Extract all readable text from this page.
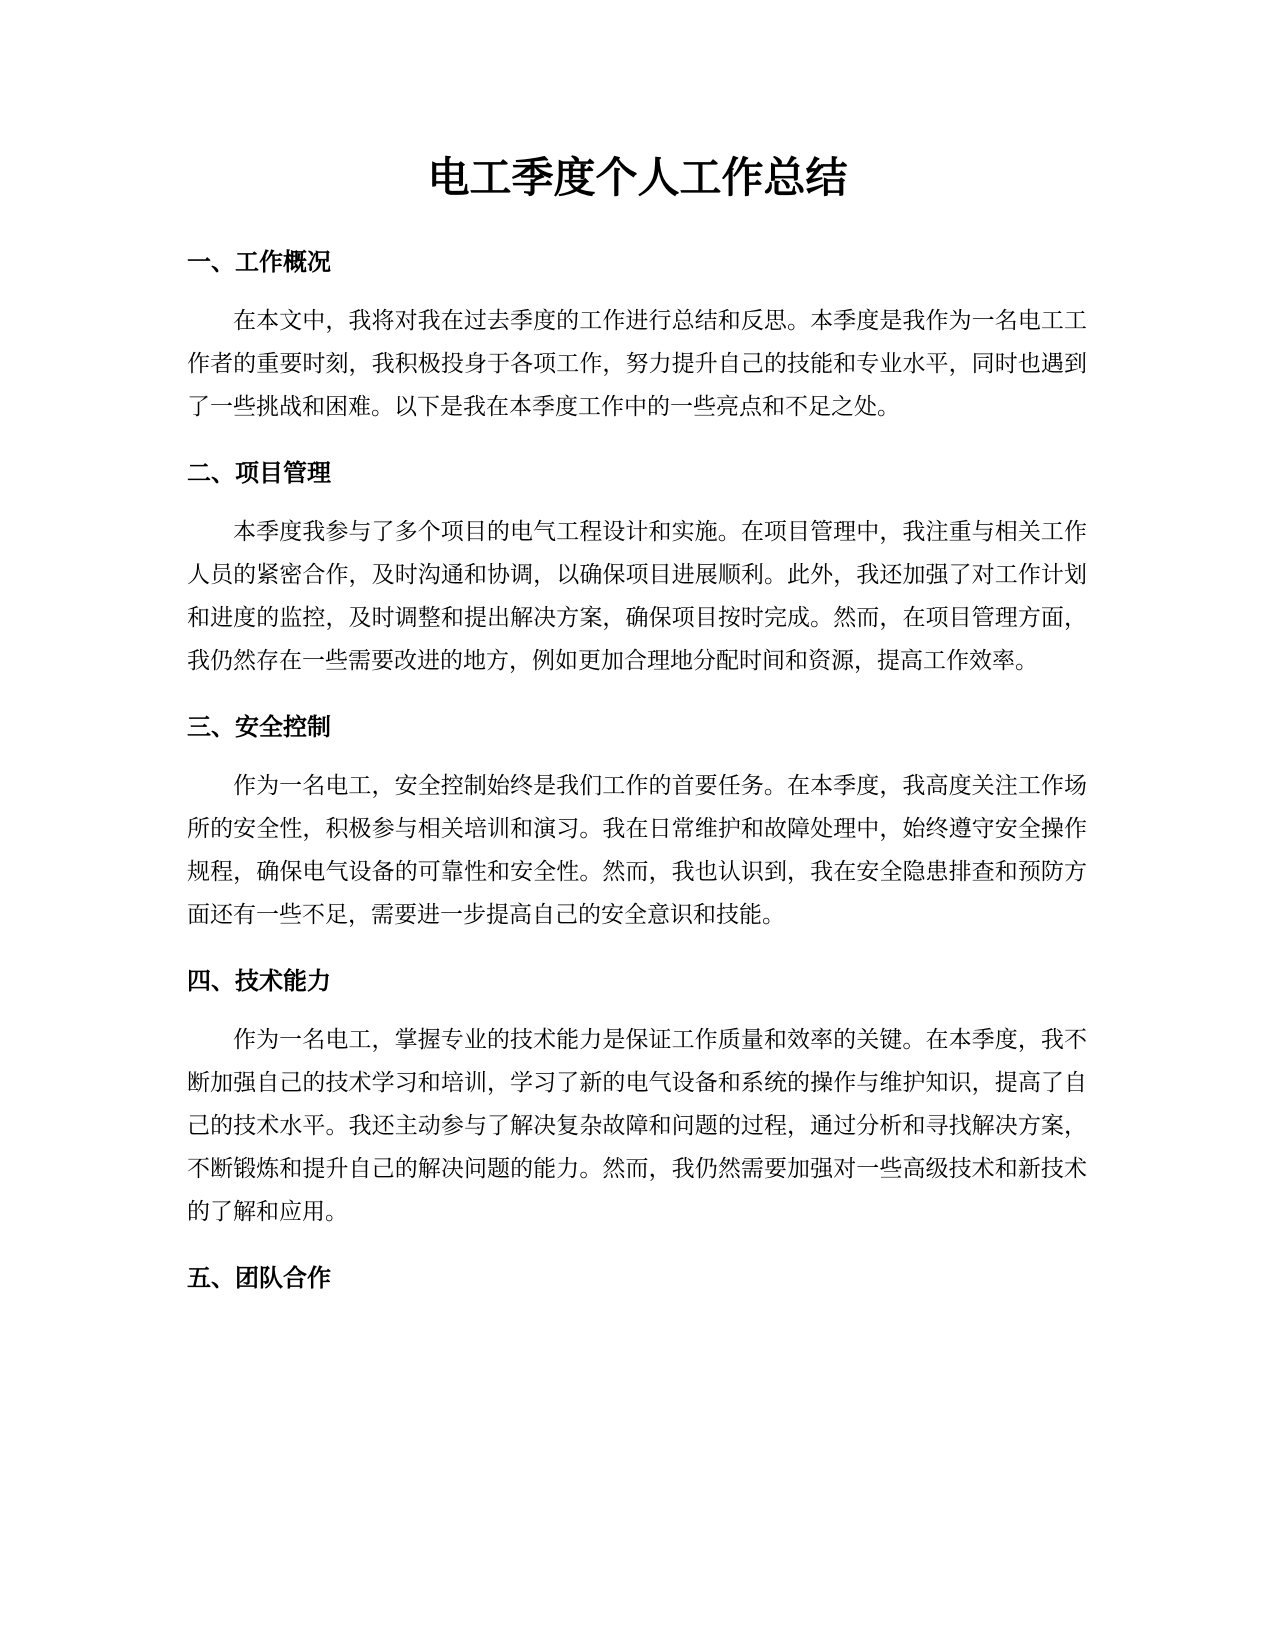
电工季度个人工作总结
一、工作概况

在本文中，我将对我在过去季度的工作进行总结和反思。本季度是我作为一名电工工作者的重要时刻，我积极投身于各项工作，努力提升自己的技能和专业水平，同时也遇到了一些挑战和困难。以下是我在本季度工作中的一些亮点和不足之处。

二、项目管理

本季度我参与了多个项目的电气工程设计和实施。在项目管理中，我注重与相关工作人员的紧密合作，及时沟通和协调，以确保项目进展顺利。此外，我还加强了对工作计划和进度的监控，及时调整和提出解决方案，确保项目按时完成。然而，在项目管理方面，我仍然存在一些需要改进的地方，例如更加合理地分配时间和资源，提高工作效率。

三、安全控制

作为一名电工，安全控制始终是我们工作的首要任务。在本季度，我高度关注工作场所的安全性，积极参与相关培训和演习。我在日常维护和故障处理中，始终遵守安全操作规程，确保电气设备的可靠性和安全性。然而，我也认识到，我在安全隐患排查和预防方面还有一些不足，需要进一步提高自己的安全意识和技能。

四、技术能力

作为一名电工，掌握专业的技术能力是保证工作质量和效率的关键。在本季度，我不断加强自己的技术学习和培训，学习了新的电气设备和系统的操作与维护知识，提高了自己的技术水平。我还主动参与了解决复杂故障和问题的过程，通过分析和寻找解决方案，不断锻炼和提升自己的解决问题的能力。然而，我仍然需要加强对一些高级技术和新技术的了解和应用。

五、团队合作
